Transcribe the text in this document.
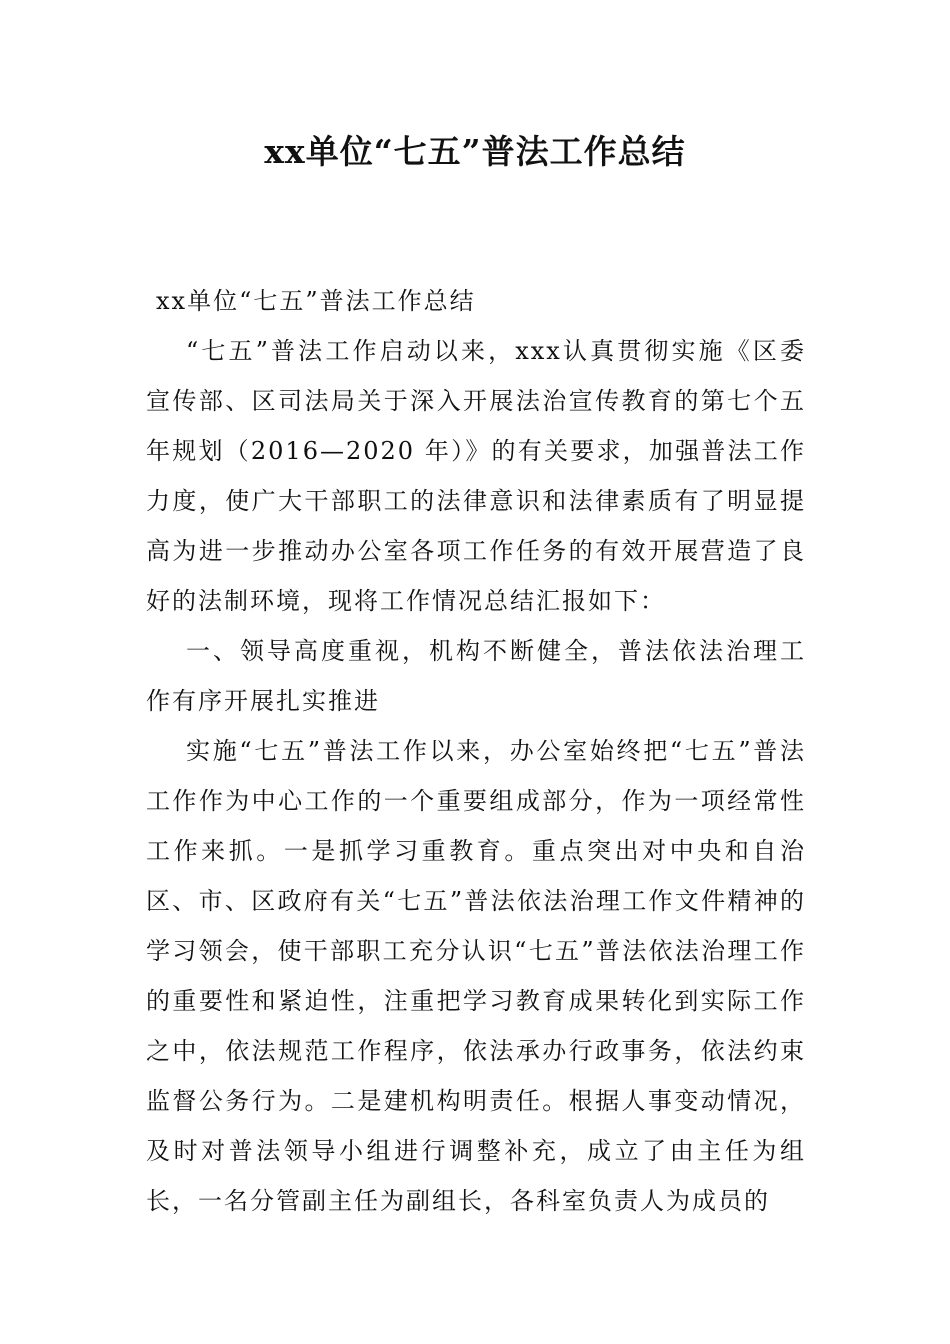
xx单位“七五”普法工作总结

xx单位“七五”普法工作总结

“七五”普法工作启动以来，xxx认真贯彻实施《区委宣传部、区司法局关于深入开展法治宣传教育的第七个五年规划（2016—2020 年）》的有关要求，加强普法工作力度，使广大干部职工的法律意识和法律素质有了明显提高为进一步推动办公室各项工作任务的有效开展营造了良好的法制环境，现将工作情况总结汇报如下：

一、领导高度重视，机构不断健全，普法依法治理工作有序开展扎实推进

实施“七五”普法工作以来，办公室始终把“七五”普法工作作为中心工作的一个重要组成部分，作为一项经常性工作来抓。一是抓学习重教育。重点突出对中央和自治区、市、区政府有关“七五”普法依法治理工作文件精神的学习领会，使干部职工充分认识“七五”普法依法治理工作的重要性和紧迫性，注重把学习教育成果转化到实际工作之中，依法规范工作程序，依法承办行政事务，依法约束监督公务行为。二是建机构明责任。根据人事变动情况，及时对普法领导小组进行调整补充，成立了由主任为组长，一名分管副主任为副组长，各科室负责人为成员的
